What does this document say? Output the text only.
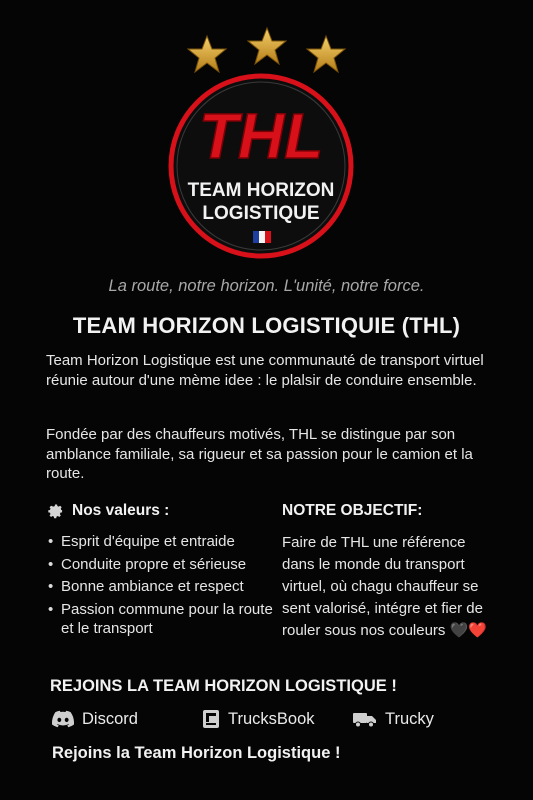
THL
TEAM HORIZON
LOGISTIQUE
La route, notre horizon. L'unité, notre force.
TEAM HORIZON LOGISTIQUIE (THL)
Team Horizon Logistique est une communauté de transport virtuel réunie autour d'une mème idee : le plalsir de conduire ensemble.
Fondée par des chauffeurs motivés, THL se distingue par son amblance familiale, sa rigueur et sa passion pour le camion et la route.
Nos valeurs :
• Esprit d'équipe et entraide
• Conduite propre et sérieuse
• Bonne ambiance et respect
• Passion commune pour la route et le transport
NOTRE OBJECTIF:
Faire de THL une référence dans le monde du transport virtuel, où chagu chauffeur se sent valorisé, intégre et fier de rouler sous nos couleurs 🖤❤️
REJOINS LA TEAM HORIZON LOGISTIQUE !
Discord	TrucksBook	Trucky
Rejoins la Team Horizon Logistique !
